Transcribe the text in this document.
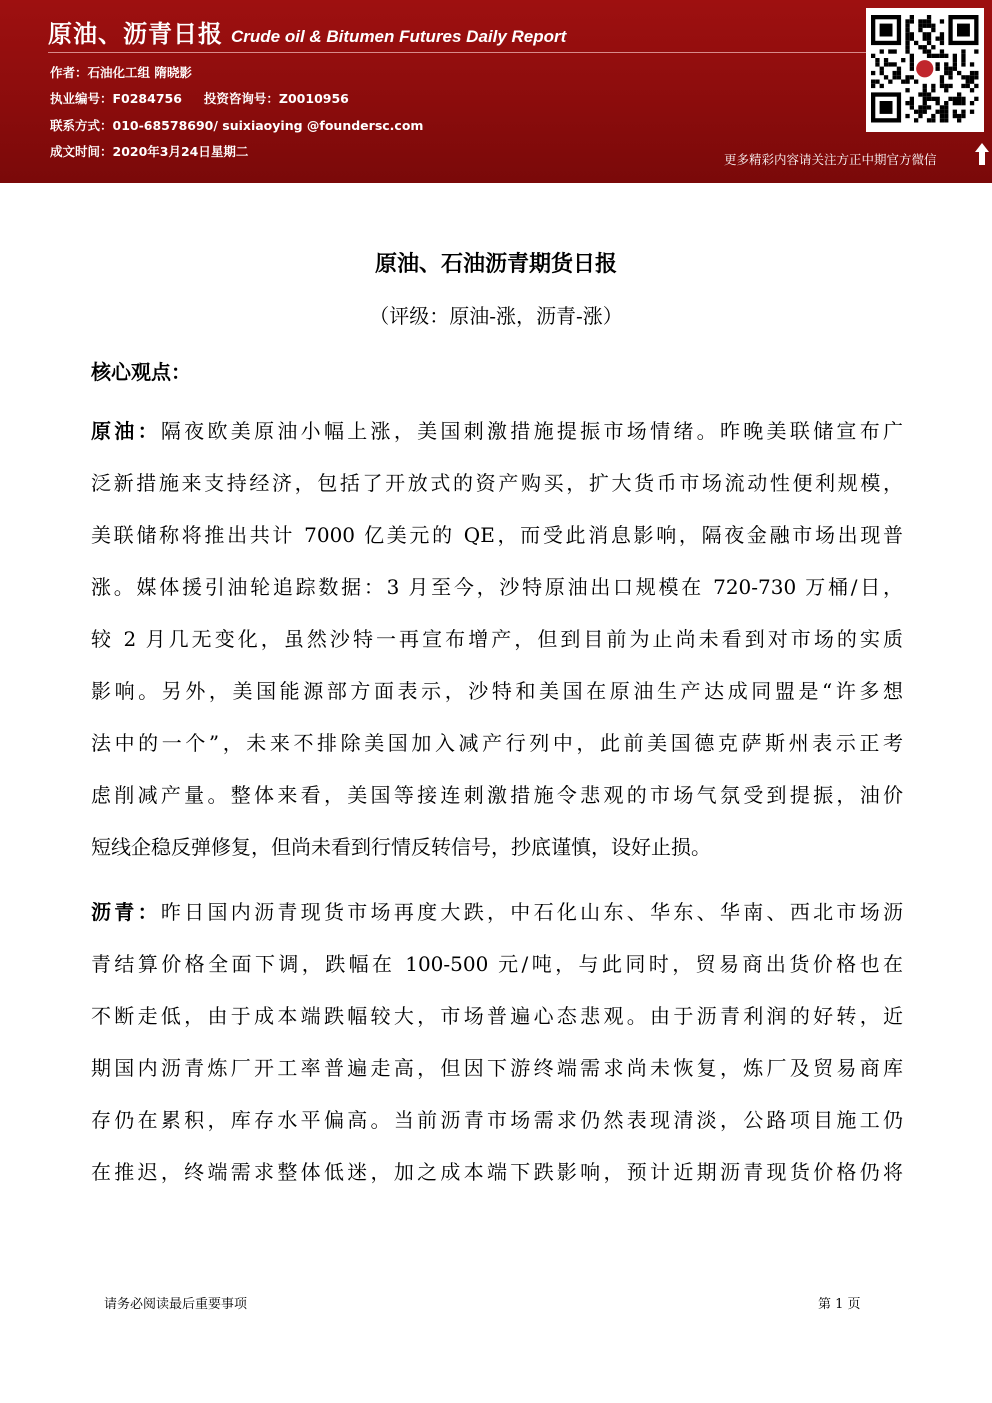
原油、沥青日报 Crude oil & Bitumen Futures Daily Report
作者：石油化工组 隋晓影
执业编号：F0284756 投资咨询号：Z0010956
联系方式：010-68578690/ suixiaoying @foundersc.com
成文时间：2020年3月24日星期二
更多精彩内容请关注方正中期官方微信
原油、石油沥青期货日报
（评级：原油-涨，沥青-涨）
核心观点：
原油：隔夜欧美原油小幅上涨，美国刺激措施提振市场情绪。昨晚美联储宣布广
泛新措施来支持经济，包括了开放式的资产购买，扩大货币市场流动性便利规模，
美联储称将推出共计 7000 亿美元的 QE，而受此消息影响，隔夜金融市场出现普
涨。媒体援引油轮追踪数据：3 月至今，沙特原油出口规模在 720-730 万桶/日，
较 2 月几无变化，虽然沙特一再宣布增产，但到目前为止尚未看到对市场的实质
影响。另外，美国能源部方面表示，沙特和美国在原油生产达成同盟是“许多想
法中的一个”，未来不排除美国加入减产行列中，此前美国德克萨斯州表示正考
虑削减产量。整体来看，美国等接连刺激措施令悲观的市场气氛受到提振，油价
短线企稳反弹修复，但尚未看到行情反转信号，抄底谨慎，设好止损。
沥青：昨日国内沥青现货市场再度大跌，中石化山东、华东、华南、西北市场沥
青结算价格全面下调，跌幅在 100-500 元/吨，与此同时，贸易商出货价格也在
不断走低，由于成本端跌幅较大，市场普遍心态悲观。由于沥青利润的好转，近
期国内沥青炼厂开工率普遍走高，但因下游终端需求尚未恢复，炼厂及贸易商库
存仍在累积，库存水平偏高。当前沥青市场需求仍然表现清淡，公路项目施工仍
在推迟，终端需求整体低迷，加之成本端下跌影响，预计近期沥青现货价格仍将
请务必阅读最后重要事项	第 1 页
